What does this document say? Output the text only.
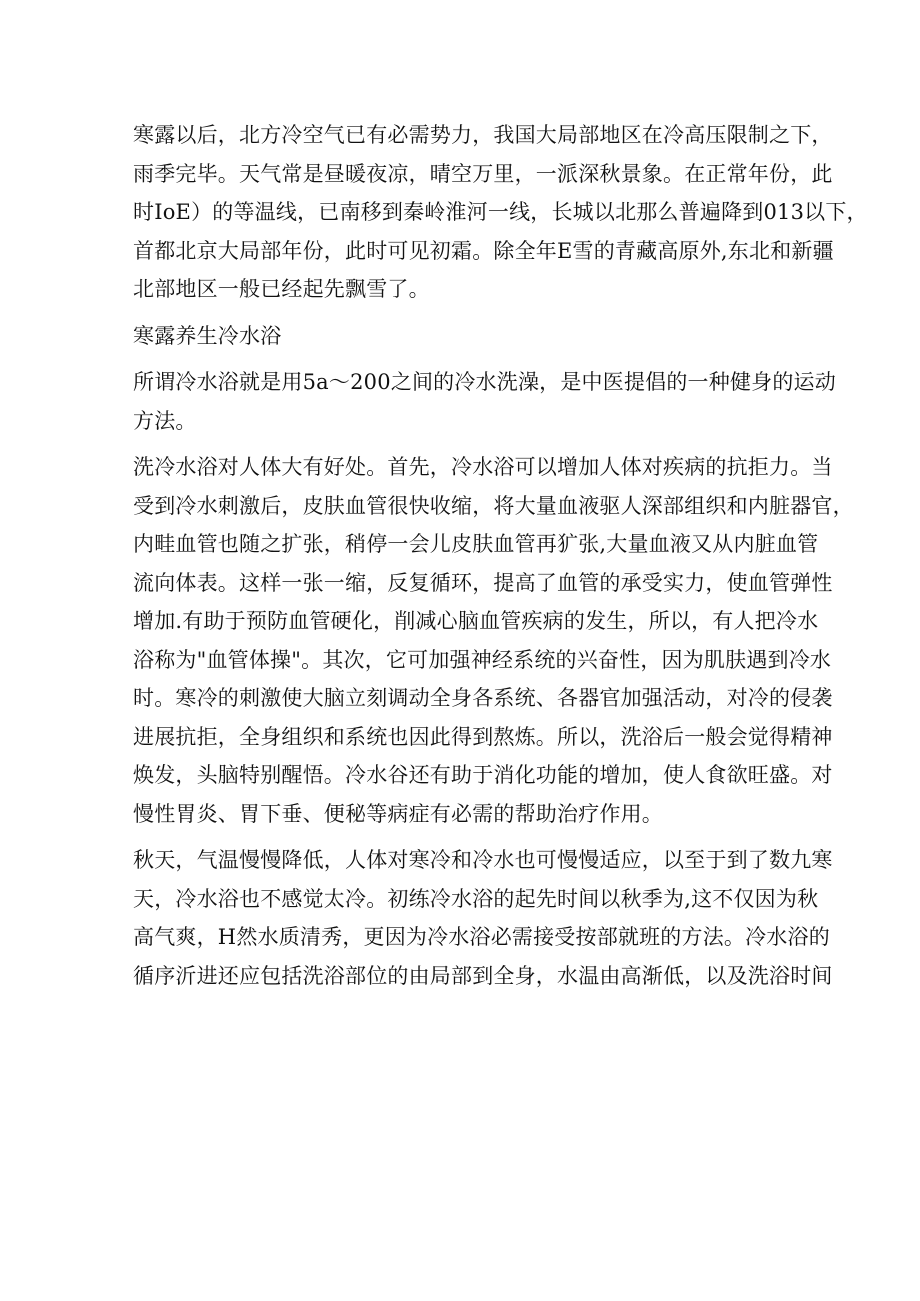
寒露以后，北方冷空气已有必需势力，我国大局部地区在冷高压限制之下，
雨季完毕。天气常是昼暖夜凉，晴空万里，一派深秋景象。在正常年份，此
时IoE）的等温线，已南移到秦岭淮河一线，长城以北那么普遍降到013以下，
首都北京大局部年份，此时可见初霜。除全年E雪的青藏高原外,东北和新疆
北部地区一般已经起先飘雪了。
寒露养生冷水浴
所谓冷水浴就是用5a～200之间的冷水洗澡，是中医提倡的一种健身的运动
方法。
洗冷水浴对人体大有好处。首先，冷水浴可以增加人体对疾病的抗拒力。当
受到冷水刺激后，皮肤血管很快收缩，将大量血液驱人深部组织和内脏器官，
内畦血管也随之扩张，稍停一会儿皮肤血管再犷张,大量血液又从内脏血管
流向体表。这样一张一缩，反复循环，提高了血管的承受实力，使血管弹性
增加.有助于预防血管硬化，削减心脑血管疾病的发生，所以，有人把冷水
浴称为"血管体操"。其次，它可加强神经系统的兴奋性，因为肌肤遇到冷水
时。寒冷的刺激使大脑立刻调动全身各系统、各器官加强活动，对冷的侵袭
进展抗拒，全身组织和系统也因此得到熬炼。所以，洗浴后一般会觉得精神
焕发，头脑特别醒悟。冷水谷还有助于消化功能的增加，使人食欲旺盛。对
慢性胃炎、胃下垂、便秘等病症有必需的帮助治疗作用。
秋天，气温慢慢降低，人体对寒冷和冷水也可慢慢适应，以至于到了数九寒
天，冷水浴也不感觉太冷。初练冷水浴的起先时间以秋季为,这不仅因为秋
高气爽，H然水质清秀，更因为冷水浴必需接受按部就班的方法。冷水浴的
循序沂进还应包括洗浴部位的由局部到全身，水温由高渐低，以及洗浴时间
